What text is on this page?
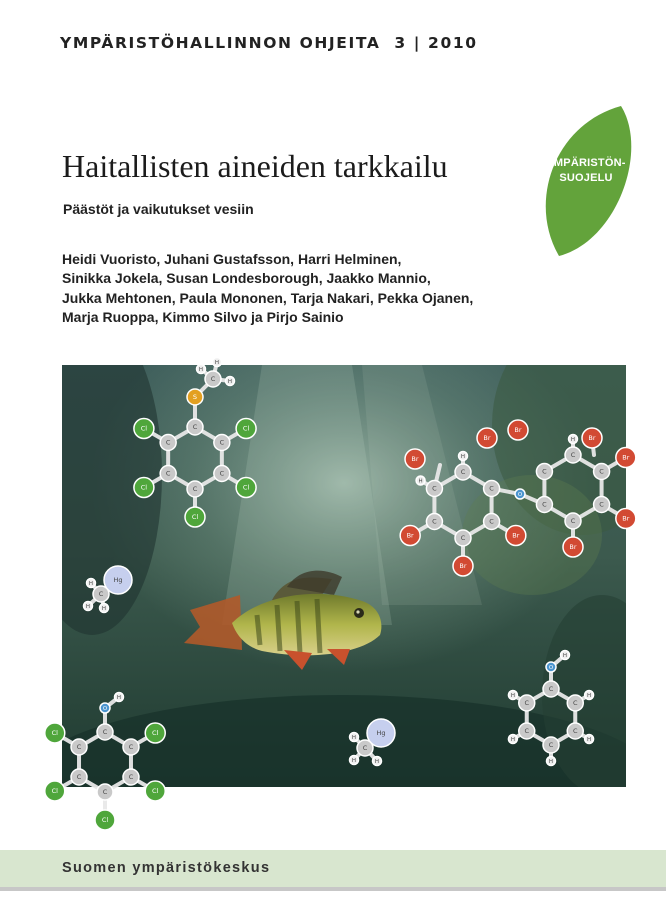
YMPÄRISTÖHALLINNON OHJEITA 3 | 2010
YMPÄRISTÖN-
SUOJELU
Haitallisten aineiden tarkkailu
Päästöt ja vaikutukset vesiin
Heidi Vuoristo, Juhani Gustafsson, Harri Helminen,
Sinikka Jokela, Susan Londesborough, Jaakko Mannio,
Jukka Mehtonen, Paula Mononen, Tarja Nakari, Pekka Ojanen,
Marja Ruoppa, Kimmo Silvo ja Pirjo Sainio
C
C
C
C
C
C
S
C
H
H
H
Cl
Cl
Cl
Cl
Cl
C
C
C
C
C
C
C
C
C
C
C
C
O
H
H
Br
Br
Br
Br
H
Br
Br
Br
Br
Br
Br
Hg
H
H H
C
Hg
H
H	H
C
C
C
C
C
C
C
O
H
H
H
H
H
H
C
C
C
C
C
C
O
H
Cl
Cl
Cl
Cl
Cl
Suomen ympäristökeskus
